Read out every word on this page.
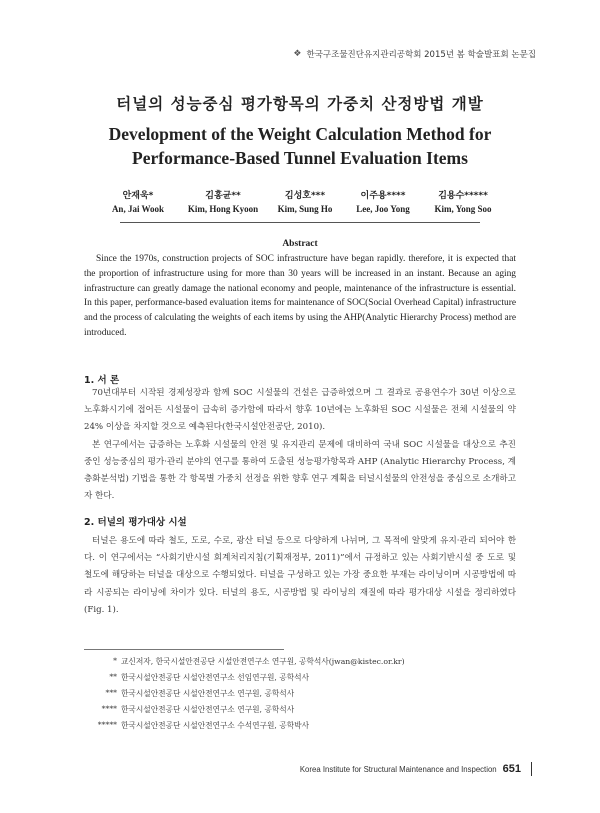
❖ 한국구조물진단유지관리공학회 2015년 봄 학술발표회 논문집
터널의 성능중심 평가항목의 가중치 산정방법 개발
Development of the Weight Calculation Method for
Performance-Based Tunnel Evaluation Items
안재욱*
An, Jai Wook
김홍균**
Kim, Hong Kyoon
김성호***
Kim, Sung Ho
이주용****
Lee, Joo Yong
김용수*****
Kim, Yong Soo
Abstract

Since the 1970s, construction projects of SOC infrastructure have began rapidly. therefore, it is expected that the proportion of infrastructure using for more than 30 years will be increased in an instant. Because an aging infrastructure can greatly damage the national economy and people, maintenance of the infrastructure is essential. In this paper, performance-based evaluation items for maintenance of SOC(Social Overhead Capital) infrastructure and the process of calculating the weights of each items by using the AHP(Analytic Hierarchy Process) method are introduced.

1. 서 론

70년대부터 시작된 경제성장과 함께 SOC 시설물의 건설은 급증하였으며 그 결과로 공용연수가 30년 이상으로 노후화시기에 접어든 시설물이 급속히 증가함에 따라서 향후 10년에는 노후화된 SOC 시설물은 전체 시설물의 약 24% 이상을 차지할 것으로 예측된다(한국시설안전공단, 2010).

본 연구에서는 급증하는 노후화 시설물의 안전 및 유지관리 문제에 대비하여 국내 SOC 시설물을 대상으로 추진 중인 성능중심의 평가·관리 분야의 연구를 통하여 도출된 성능평가항목과 AHP (Analytic Hierarchy Process, 계층화분석법) 기법을 통한 각 항목별 가중치 선정을 위한 향후 연구 계획을 터널시설물의 안전성을 중심으로 소개하고자 한다.

2. 터널의 평가대상 시설

터널은 용도에 따라 철도, 도로, 수로, 광산 터널 등으로 다양하게 나뉘며, 그 목적에 알맞게 유지·관리 되어야 한다. 이 연구에서는 “사회기반시설 회계처리지침(기획재정부, 2011)”에서 규정하고 있는 사회기반시설 중 도로 및 철도에 해당하는 터널을 대상으로 수행되었다. 터널을 구성하고 있는 가장 중요한 부재는 라이닝이며 시공방법에 따라 시공되는 라이닝에 차이가 있다. 터널의 용도, 시공방법 및 라이닝의 재질에 따라 평가대상 시설을 정리하였다(Fig. 1).

* 교신저자, 한국시설안전공단 시설안전연구소 연구원, 공학석사(jwan@kistec.or.kr)
** 한국시설안전공단 시설안전연구소 선임연구원, 공학석사
*** 한국시설안전공단 시설안전연구소 연구원, 공학석사
**** 한국시설안전공단 시설안전연구소 연구원, 공학석사
***** 한국시설안전공단 시설안전연구소 수석연구원, 공학박사
Korea Institute for Structural Maintenance and Inspection 651
